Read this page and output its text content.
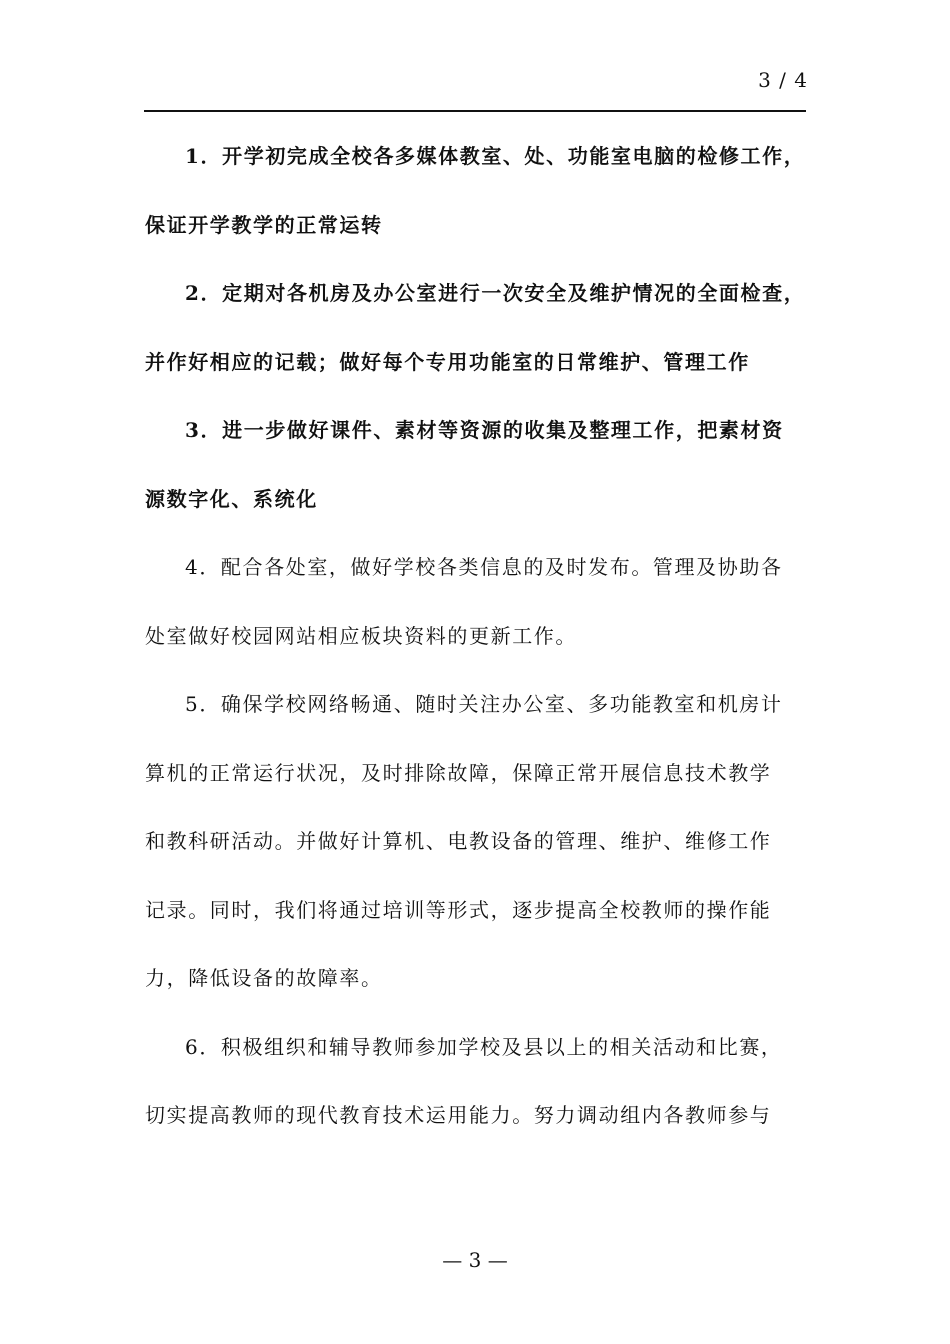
3 / 4

1．开学初完成全校各多媒体教室、处、功能室电脑的检修工作，
保证开学教学的正常运转

2．定期对各机房及办公室进行一次安全及维护情况的全面检查，
并作好相应的记载；做好每个专用功能室的日常维护、管理工作

3．进一步做好课件、素材等资源的收集及整理工作，把素材资
源数字化、系统化

4．配合各处室，做好学校各类信息的及时发布。管理及协助各
处室做好校园网站相应板块资料的更新工作。

5．确保学校网络畅通、随时关注办公室、多功能教室和机房计
算机的正常运行状况，及时排除故障，保障正常开展信息技术教学
和教科研活动。并做好计算机、电教设备的管理、维护、维修工作
记录。同时，我们将通过培训等形式，逐步提高全校教师的操作能
力，降低设备的故障率。

6．积极组织和辅导教师参加学校及县以上的相关活动和比赛，
切实提高教师的现代教育技术运用能力。努力调动组内各教师参与

— 3 —
